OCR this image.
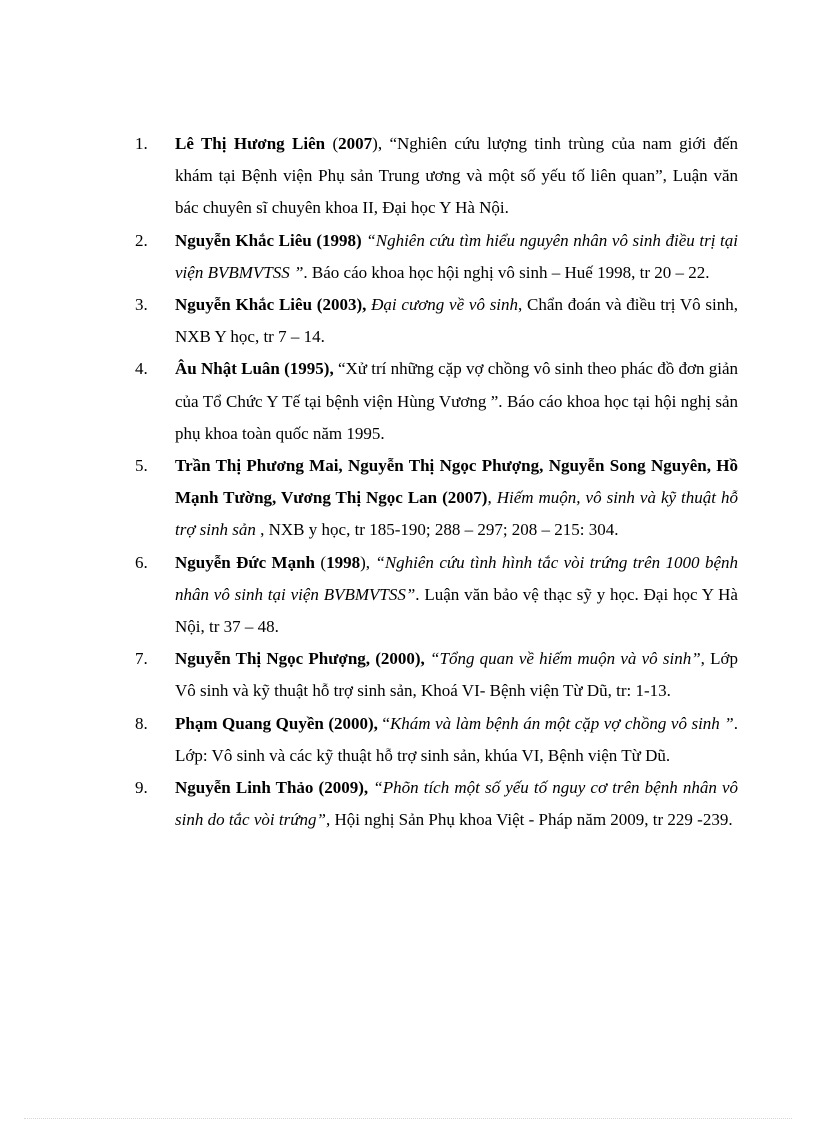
1. Lê Thị Hương Liên (2007), “Nghiên cứu lượng tinh trùng của nam giới đến khám tại Bệnh viện Phụ sản Trung ương và một số yếu tố liên quan”, Luận văn bác chuyên sĩ chuyên khoa II, Đại học Y Hà Nội.
2. Nguyễn Khắc Liêu (1998) “Nghiên cứu tìm hiểu nguyên nhân vô sinh điều trị tại viện BVBMVTSS ”. Báo cáo khoa học hội nghị vô sinh – Huế 1998, tr 20 – 22.
3. Nguyễn Khắc Liêu (2003), Đại cương về vô sinh, Chẩn đoán và điều trị Vô sinh, NXB Y học, tr 7 – 14.
4. Âu Nhật Luân (1995), “Xử trí những cặp vợ chồng vô sinh theo phác đồ đơn giản của Tổ Chức Y Tế tại bệnh viện Hùng Vương ”. Báo cáo khoa học tại hội nghị sản phụ khoa toàn quốc năm 1995.
5. Trần Thị Phương Mai, Nguyễn Thị Ngọc Phượng, Nguyễn Song Nguyên, Hồ Mạnh Tường, Vương Thị Ngọc Lan (2007), Hiếm muộn, vô sinh và kỹ thuật hỗ trợ sinh sản , NXB y học, tr 185-190; 288 – 297; 208 – 215: 304.
6. Nguyễn Đức Mạnh (1998), “Nghiên cứu tình hình tắc vòi trứng trên 1000 bệnh nhân vô sinh tại viện BVBMVTSS”. Luận văn bảo vệ thạc sỹ y học. Đại học Y Hà Nội, tr 37 – 48.
7. Nguyễn Thị Ngọc Phượng, (2000), “Tổng quan về hiếm muộn và vô sinh”, Lớp Vô sinh và kỹ thuật hỗ trợ sinh sản, Khoá VI- Bệnh viện Từ Dũ, tr: 1-13.
8. Phạm Quang Quyền (2000), “Khám và làm bệnh án một cặp vợ chồng vô sinh ”. Lớp: Vô sinh và các kỹ thuật hỗ trợ sinh sản, khúa VI, Bệnh viện Từ Dũ.
9. Nguyễn Linh Thảo (2009), “Phõn tích một số yếu tố nguy cơ trên bệnh nhân vô sinh do tắc vòi trứng”, Hội nghị Sản Phụ khoa Việt - Pháp năm 2009, tr 229 -239.
